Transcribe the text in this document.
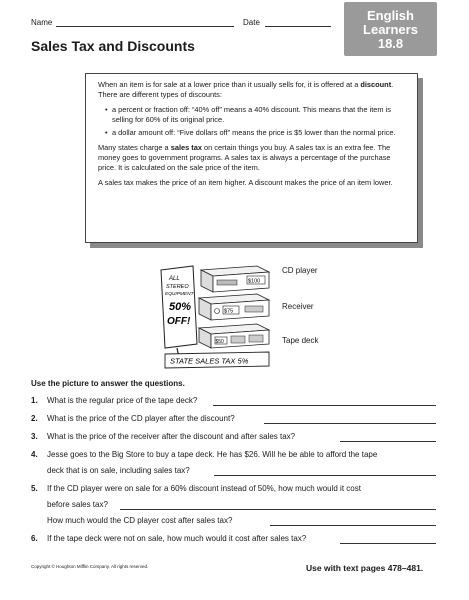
Name	Date	English
Learners
18.8
Sales Tax and Discounts

When an item is for sale at a lower price than it usually sells for, it is offered at a discount. There are different types of discounts:

• a percent or fraction off: “40% off” means a 40% discount. This means that the item is selling for 60% of its original price.
• a dollar amount off: “Five dollars off” means the price is $5 lower than the normal price.

Many states charge a sales tax on certain things you buy. A sales tax is an extra fee. The money goes to government programs. A sales tax is always a percentage of the purchase price. It is calculated on the sale price of the item.

A sales tax makes the price of an item higher. A discount makes the price of an item lower.

ALL
STEREO
EQUIPMENT
50%
OFF!
$100
$75
$50
STATE SALES TAX 5%
CD player
Receiver
Tape deck
Use the picture to answer the questions.
1. What is the regular price of the tape deck?
2. What is the price of the CD player after the discount?
3. What is the price of the receiver after the discount and after sales tax?
4. Jesse goes to the Big Store to buy a tape deck. He has $26. Will he be able to afford the tape
deck that is on sale, including sales tax?
5. If the CD player were on sale for a 60% discount instead of 50%, how much would it cost
before sales tax?
How much would the CD player cost after sales tax?
6. If the tape deck were not on sale, how much would it cost after sales tax?
Copyright © Houghton Mifflin Company. All rights reserved.	Use with text pages 478–481.
